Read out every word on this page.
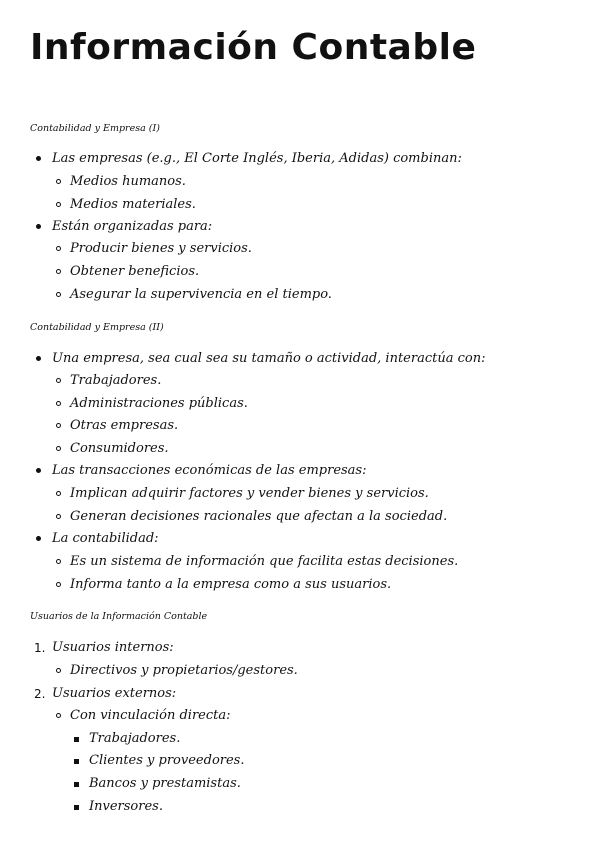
Información Contable

Contabilidad y Empresa (I)

Las empresas (e.g., El Corte Inglés, Iberia, Adidas) combinan:

Medios humanos.

Medios materiales.

Están organizadas para:

Producir bienes y servicios.

Obtener beneficios.

Asegurar la supervivencia en el tiempo.

Contabilidad y Empresa (II)

Una empresa, sea cual sea su tamaño o actividad, interactúa con:

Trabajadores.

Administraciones públicas.

Otras empresas.

Consumidores.

Las transacciones económicas de las empresas:

Implican adquirir factores y vender bienes y servicios.

Generan decisiones racionales que afectan a la sociedad.

La contabilidad:

Es un sistema de información que facilita estas decisiones.

Informa tanto a la empresa como a sus usuarios.

Usuarios de la Información Contable

1. Usuarios internos:

Directivos y propietarios/gestores.

2. Usuarios externos:

Con vinculación directa:

Trabajadores.

Clientes y proveedores.

Bancos y prestamistas.

Inversores.
